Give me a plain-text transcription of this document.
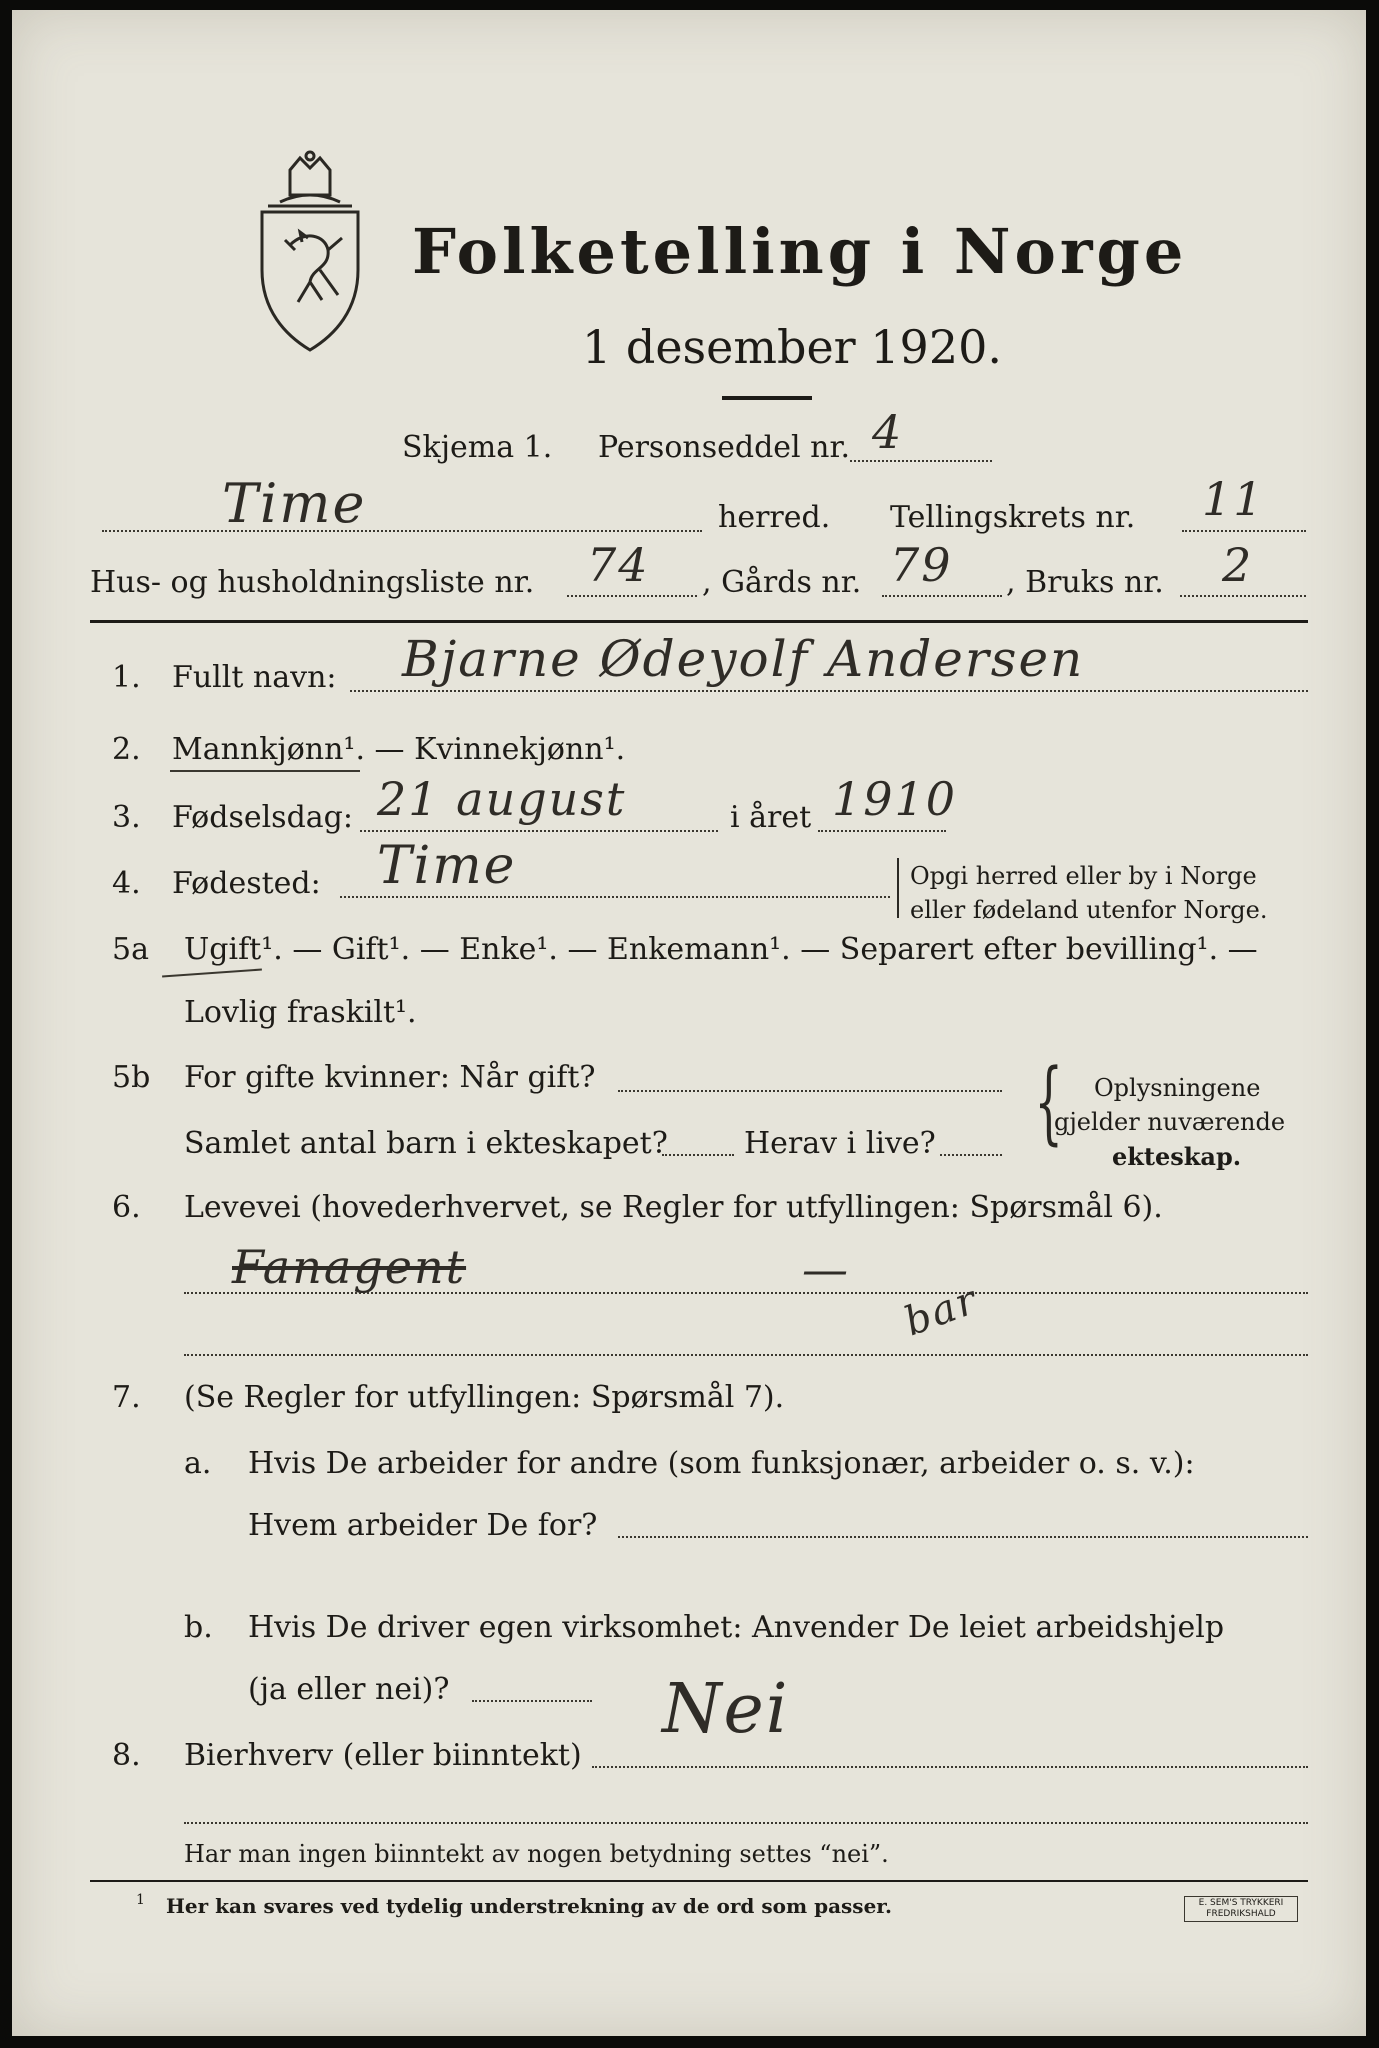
Folketelling i Norge
1 desember 1920.
Skjema 1. Personseddel nr. 4
Time	herred. Tellingskrets nr. 11
Hus- og husholdningsliste nr. 74 , Gårds nr. 79 , Bruks nr. 2
1. Fullt navn: Bjarne Ødeyolf Andersen
2. Mannkjønn¹. — Kvinnekjønn¹.
3. Fødselsdag: 21 august	i året 1910
4. Fødested: Time	Opgi herred eller by i Norge
eller fødeland utenfor Norge.
5a Ugift¹. — Gift¹. — Enke¹. — Enkemann¹. — Separert efter bevilling¹. —
Lovlig fraskilt¹.
5b For gifte kvinner: Når gift?
Samlet antal barn i ekteskapet?	Herav i live? { Oplysningene
gjelder nuværende
ekteskap.
6. Levevei (hovederhvervet, se Regler for utfyllingen: Spørsmål 6).
Fanagent	—
bar
7. (Se Regler for utfyllingen: Spørsmål 7).
a. Hvis De arbeider for andre (som funksjonær, arbeider o. s. v.):
Hvem arbeider De for?
b. Hvis De driver egen virksomhet: Anvender De leiet arbeidshjelp
(ja eller nei)?
8. Bierhverv (eller biinntekt)
Nei
Har man ingen biinntekt av nogen betydning settes “nei”.
1 Her kan svares ved tydelig understrekning av de ord som passer.	E. SEM'S TRYKKERI
FREDRIKSHALD
